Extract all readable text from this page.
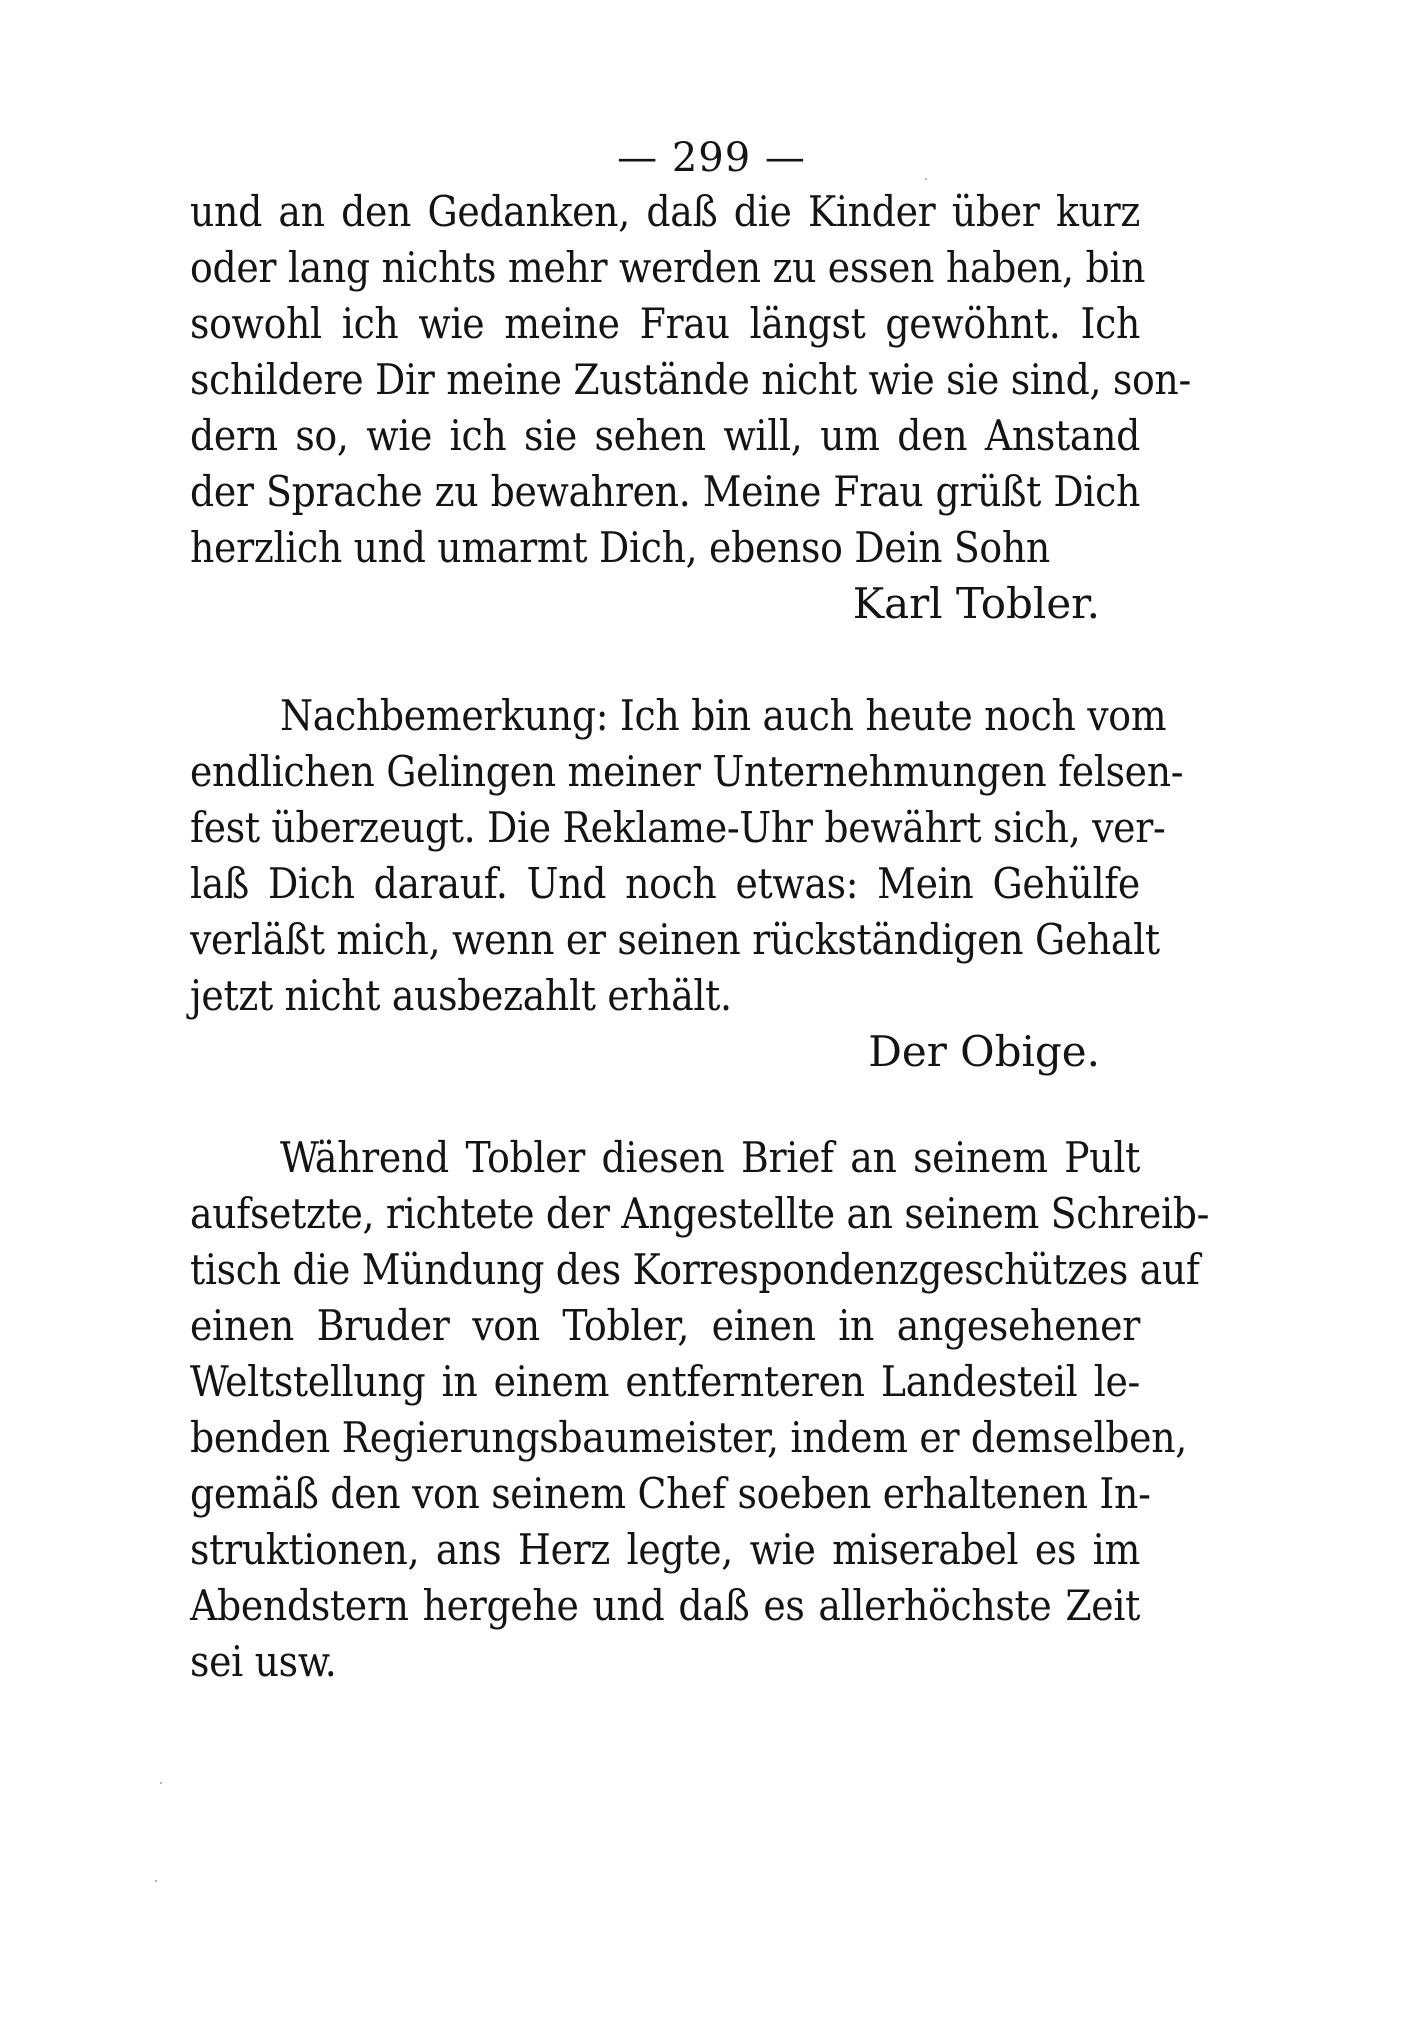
— 299 —

und an den Gedanken, daß die Kinder über kurz

oder lang nichts mehr werden zu essen haben, bin

sowohl ich wie meine Frau längst gewöhnt. Ich

schildere Dir meine Zustände nicht wie sie sind, son-

dern so, wie ich sie sehen will, um den Anstand

der Sprache zu bewahren. Meine Frau grüßt Dich

herzlich und umarmt Dich, ebenso Dein Sohn

Karl Tobler.

Nachbemerkung: Ich bin auch heute noch vom

endlichen Gelingen meiner Unternehmungen felsen-

fest überzeugt. Die Reklame-Uhr bewährt sich, ver-

laß Dich darauf. Und noch etwas: Mein Gehülfe

verläßt mich, wenn er seinen rückständigen Gehalt

jetzt nicht ausbezahlt erhält.

Der Obige.

Während Tobler diesen Brief an seinem Pult

aufsetzte, richtete der Angestellte an seinem Schreib-

tisch die Mündung des Korrespondenzgeschützes auf

einen Bruder von Tobler, einen in angesehener

Weltstellung in einem entfernteren Landesteil le-

benden Regierungsbaumeister, indem er demselben,

gemäß den von seinem Chef soeben erhaltenen In-

struktionen, ans Herz legte, wie miserabel es im

Abendstern hergehe und daß es allerhöchste Zeit

sei usw.
